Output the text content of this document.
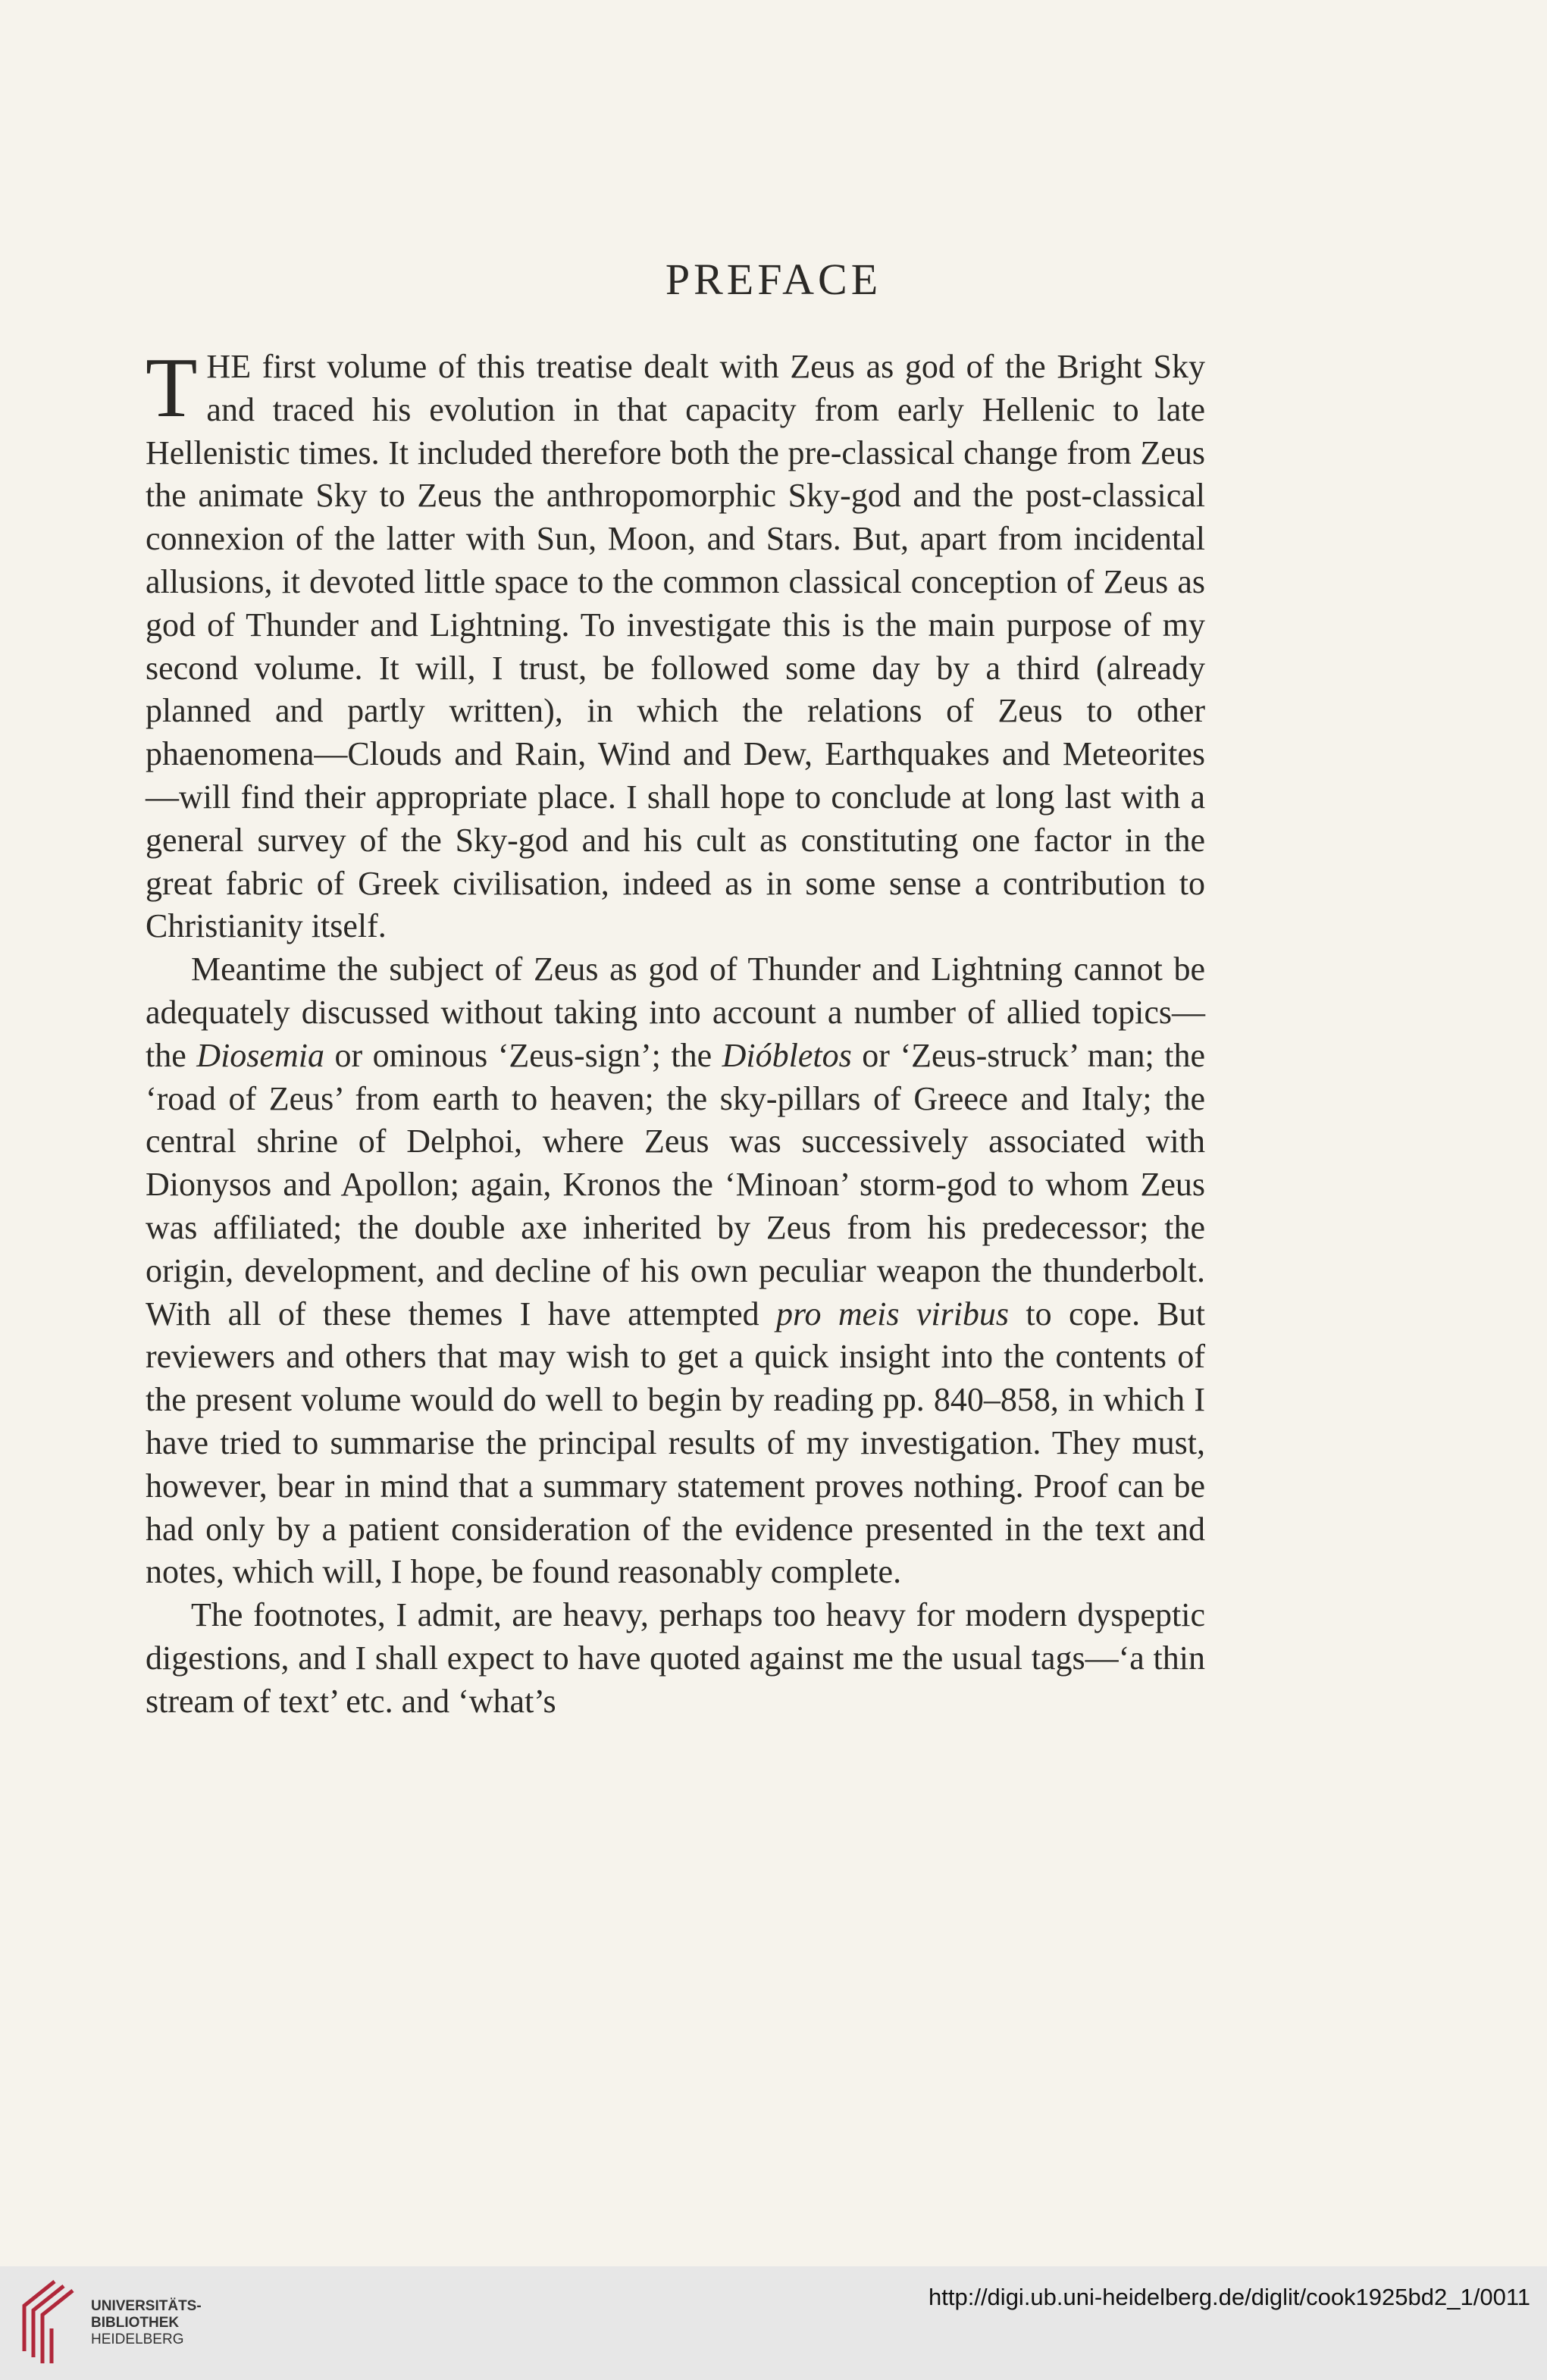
PREFACE

THE first volume of this treatise dealt with Zeus as god of the Bright Sky and traced his evolution in that capacity from early Hellenic to late Hellenistic times. It included therefore both the pre-classical change from Zeus the animate Sky to Zeus the anthropomorphic Sky-god and the post-classical connexion of the latter with Sun, Moon, and Stars. But, apart from incidental allusions, it devoted little space to the common classical conception of Zeus as god of Thunder and Lightning. To investigate this is the main purpose of my second volume. It will, I trust, be followed some day by a third (already planned and partly written), in which the relations of Zeus to other phaenomena—Clouds and Rain, Wind and Dew, Earthquakes and Meteorites—will find their appropriate place. I shall hope to conclude at long last with a general survey of the Sky-god and his cult as constituting one factor in the great fabric of Greek civilisation, indeed as in some sense a contribution to Christianity itself.

Meantime the subject of Zeus as god of Thunder and Lightning cannot be adequately discussed without taking into account a number of allied topics—the Diosemia or ominous ‘Zeus-sign’; the Dióbletos or ‘Zeus-struck’ man; the ‘road of Zeus’ from earth to heaven; the sky-pillars of Greece and Italy; the central shrine of Delphoi, where Zeus was successively associated with Dionysos and Apollon; again, Kronos the ‘Minoan’ storm-god to whom Zeus was affiliated; the double axe inherited by Zeus from his predecessor; the origin, development, and decline of his own peculiar weapon the thunderbolt. With all of these themes I have attempted pro meis viribus to cope. But reviewers and others that may wish to get a quick insight into the contents of the present volume would do well to begin by reading pp. 840–858, in which I have tried to summarise the principal results of my investigation. They must, however, bear in mind that a summary statement proves nothing. Proof can be had only by a patient consideration of the evidence presented in the text and notes, which will, I hope, be found reasonably complete.

The footnotes, I admit, are heavy, perhaps too heavy for modern dyspeptic digestions, and I shall expect to have quoted against me the usual tags—‘a thin stream of text’ etc. and ‘what’s

UNIVERSITÄTS-
BIBLIOTHEK
HEIDELBERG
http://digi.ub.uni-heidelberg.de/diglit/cook1925bd2_1/0011
